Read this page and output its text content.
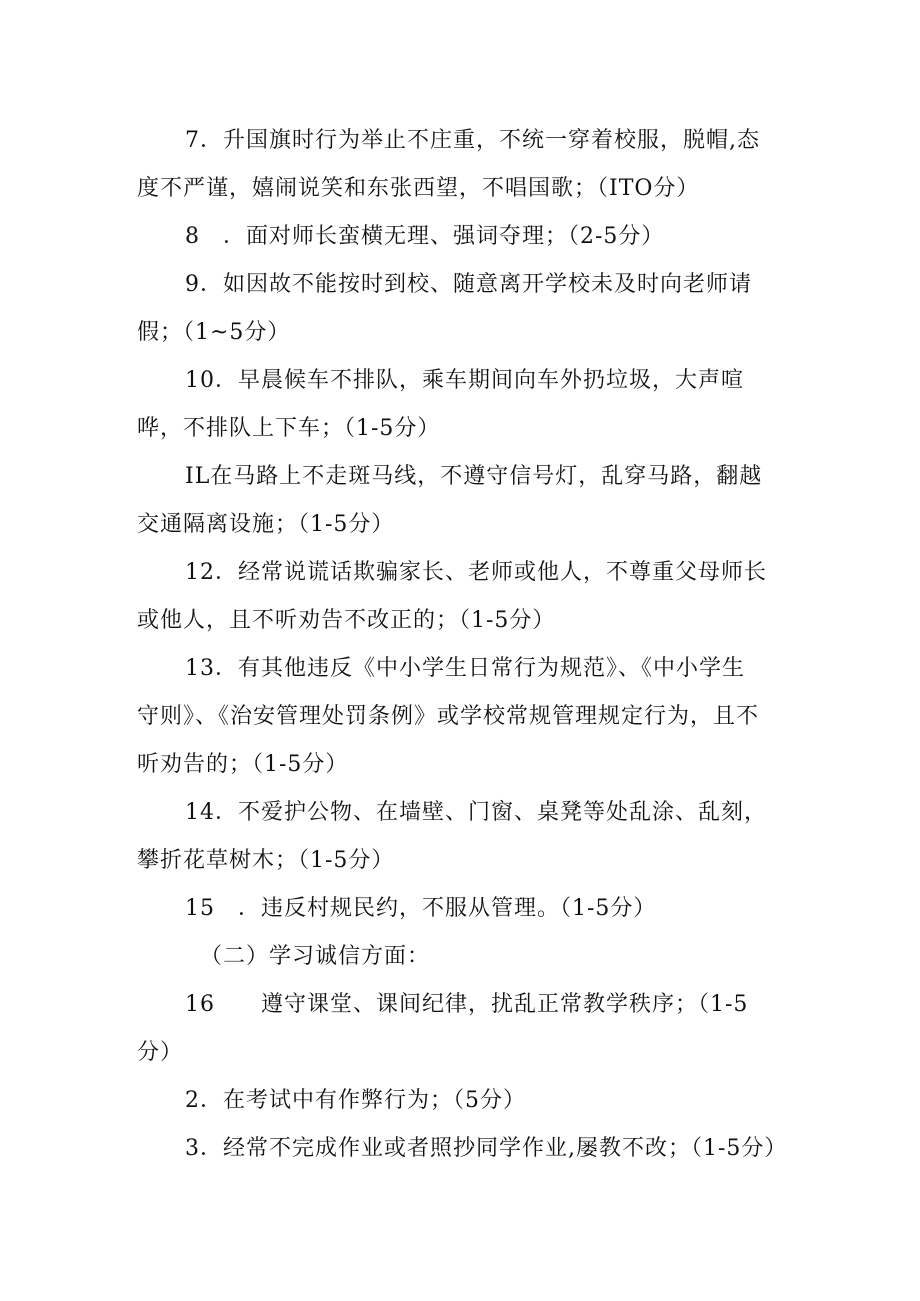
7．升国旗时行为举止不庄重，不统一穿着校服，脱帽,态
度不严谨，嬉闹说笑和东张西望，不唱国歌；（ITO分）
8　．面对师长蛮横无理、强词夺理；（2-5分）
9．如因故不能按时到校、随意离开学校未及时向老师请
假；（1~5分）
10．早晨候车不排队，乘车期间向车外扔垃圾，大声喧
哗，不排队上下车；（1-5分）
IL在马路上不走斑马线，不遵守信号灯，乱穿马路，翻越
交通隔离设施；（1-5分）
12．经常说谎话欺骗家长、老师或他人，不尊重父母师长
或他人，且不听劝告不改正的；（1-5分）
13．有其他违反《中小学生日常行为规范》、《中小学生
守则》、《治安管理处罚条例》或学校常规管理规定行为，且不
听劝告的；（1-5分）
14．不爱护公物、在墙壁、门窗、桌凳等处乱涂、乱刻，
攀折花草树木；（1-5分）
15　．违反村规民约，不服从管理。（1-5分）
（二）学习诚信方面：
16　　遵守课堂、课间纪律，扰乱正常教学秩序；（1-5
分）
2．在考试中有作弊行为；（5分）
3．经常不完成作业或者照抄同学作业,屡教不改；（1-5分）
